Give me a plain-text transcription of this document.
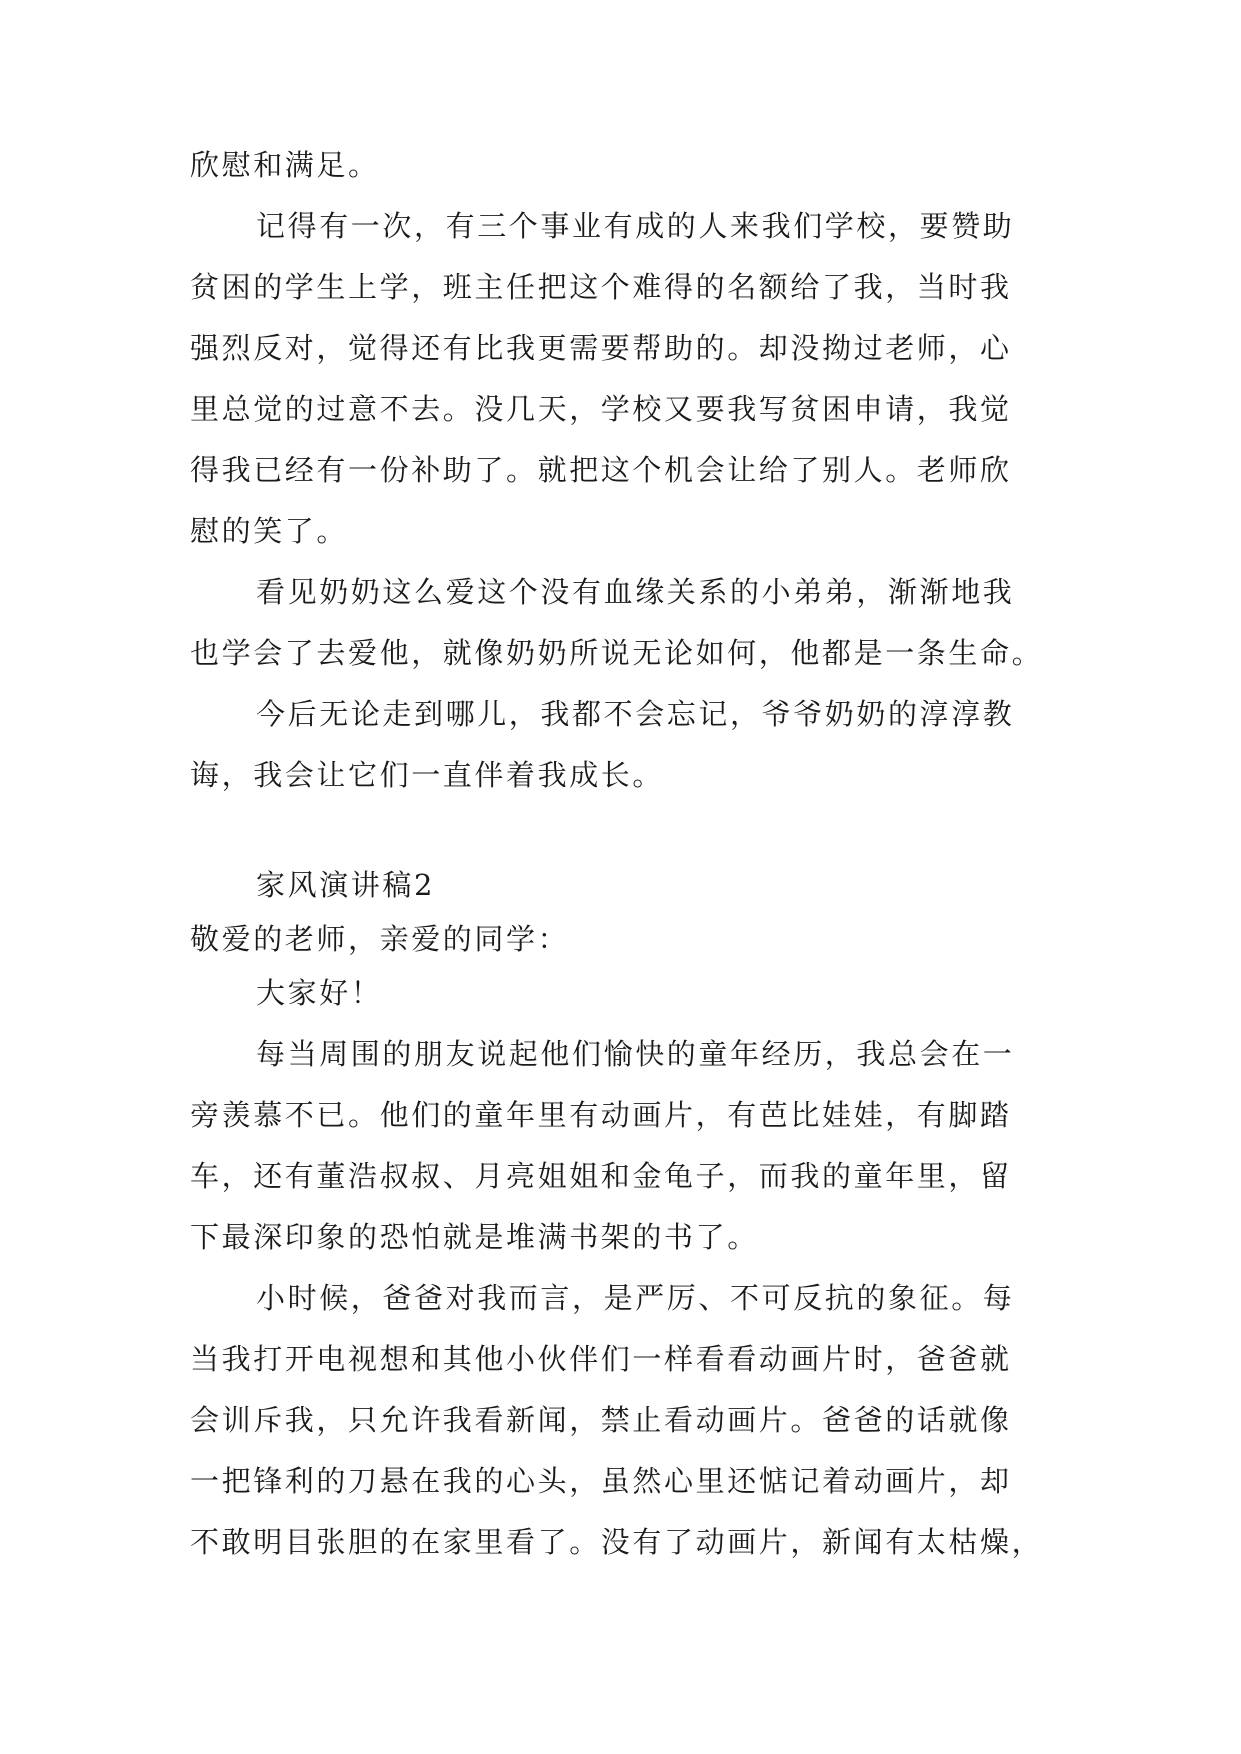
欣慰和满足。
记得有一次，有三个事业有成的人来我们学校，要赞助
贫困的学生上学，班主任把这个难得的名额给了我，当时我
强烈反对，觉得还有比我更需要帮助的。却没拗过老师，心
里总觉的过意不去。没几天，学校又要我写贫困申请，我觉
得我已经有一份补助了。就把这个机会让给了别人。老师欣
慰的笑了。
看见奶奶这么爱这个没有血缘关系的小弟弟，渐渐地我
也学会了去爱他，就像奶奶所说无论如何，他都是一条生命。
今后无论走到哪儿，我都不会忘记，爷爷奶奶的淳淳教
诲，我会让它们一直伴着我成长。
家风演讲稿2
敬爱的老师，亲爱的同学：
大家好！
每当周围的朋友说起他们愉快的童年经历，我总会在一
旁羡慕不已。他们的童年里有动画片，有芭比娃娃，有脚踏
车，还有董浩叔叔、月亮姐姐和金龟子，而我的童年里，留
下最深印象的恐怕就是堆满书架的书了。
小时候，爸爸对我而言，是严厉、不可反抗的象征。每
当我打开电视想和其他小伙伴们一样看看动画片时，爸爸就
会训斥我，只允许我看新闻，禁止看动画片。爸爸的话就像
一把锋利的刀悬在我的心头，虽然心里还惦记着动画片，却
不敢明目张胆的在家里看了。没有了动画片，新闻有太枯燥，
